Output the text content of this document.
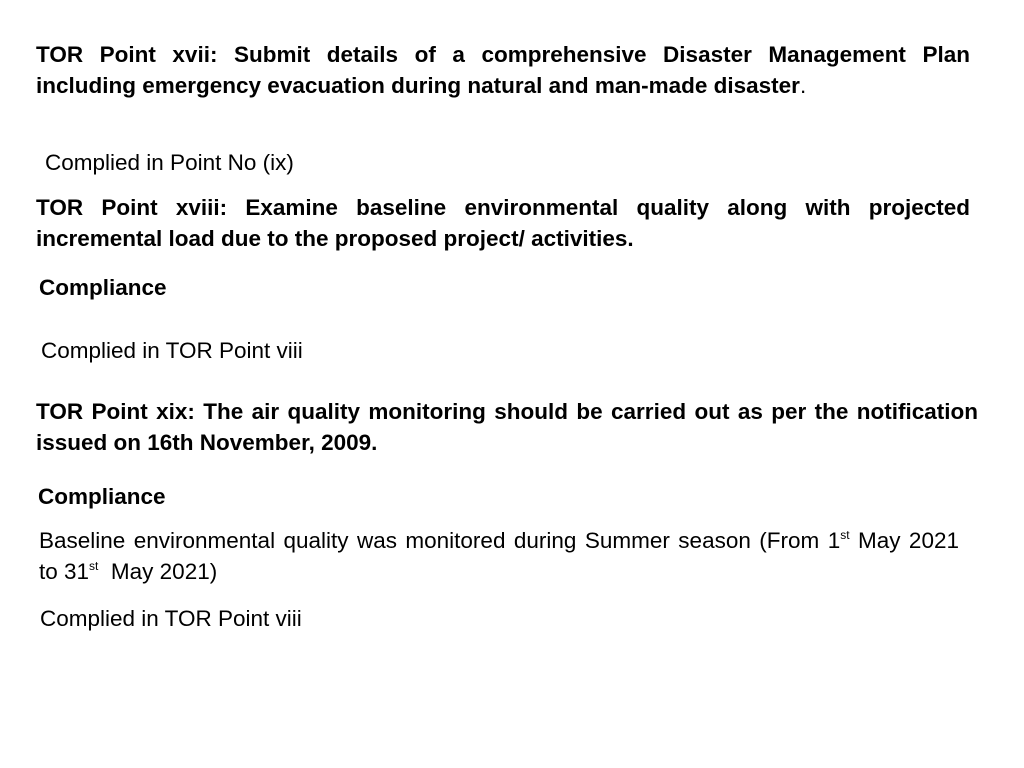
TOR Point xvii: Submit details of a comprehensive Disaster Management Plan including emergency evacuation during natural and man-made disaster.

Complied in Point No (ix)

TOR Point xviii: Examine baseline environmental quality along with projected incremental load due to the proposed project/ activities.

Compliance

Complied in TOR Point viii

TOR Point xix: The air quality monitoring should be carried out as per the notification issued on 16th November, 2009.

Compliance

Baseline environmental quality was monitored during Summer season (From 1st May 2021 to 31st May 2021)

Complied in TOR Point viii
